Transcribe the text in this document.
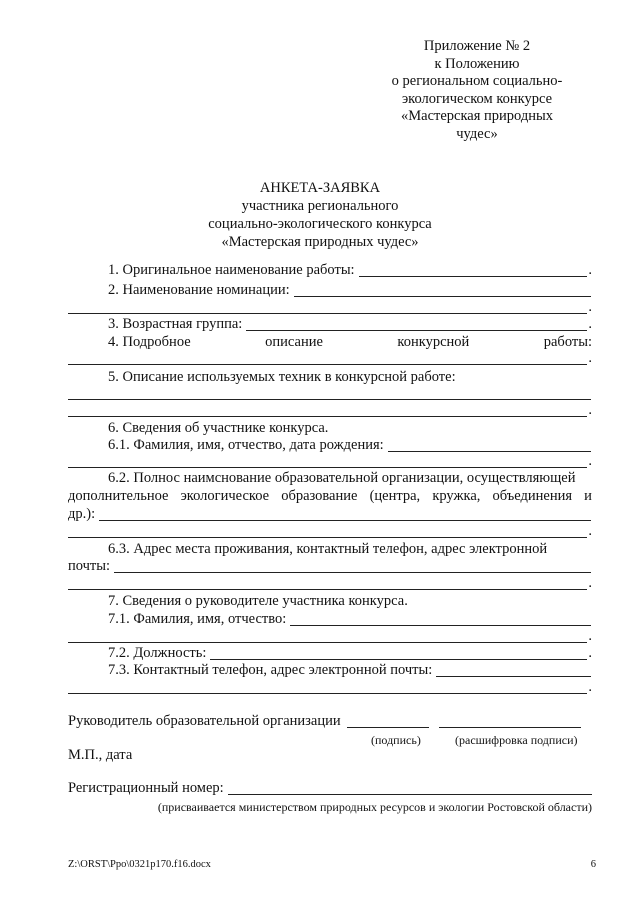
Приложение № 2
к Положению
о региональном социально-
экологическом конкурсе
«Мастерская природных
чудес»
АНКЕТА-ЗАЯВКА
участника регионального
социально-экологического конкурса
«Мастерская природных чудес»
1. Оригинальное наименование работы:	.
2. Наименование номинации:
.
3. Возрастная группа:	.
4. Подробное	описание	конкурсной	работы:
.
5. Описание используемых техник в конкурсной работе:
.
6. Сведения об участнике конкурса.
6.1. Фамилия, имя, отчество, дата рождения:
.
6.2. Полнос наимснование образовательной организации, осуществляющей
дополнительное экологическое образование (центра, кружка, объединения и
др.):
.
6.3. Адрес места проживания, контактный телефон, адрес электронной
почты:
.
7. Сведения о руководителе участника конкурса.
7.1. Фамилия, имя, отчество:
.
7.2. Должность:	.
7.3. Контактный телефон, адрес электронной почты:
.
Руководитель образовательной организации
(подпись)	(расшифровка подписи)
М.П., дата
Регистрационный номер:
(присваивается министерством природных ресурсов и экологии Ростовской области)
Z:\ORST\Ppo\0321p170.f16.docx	6
